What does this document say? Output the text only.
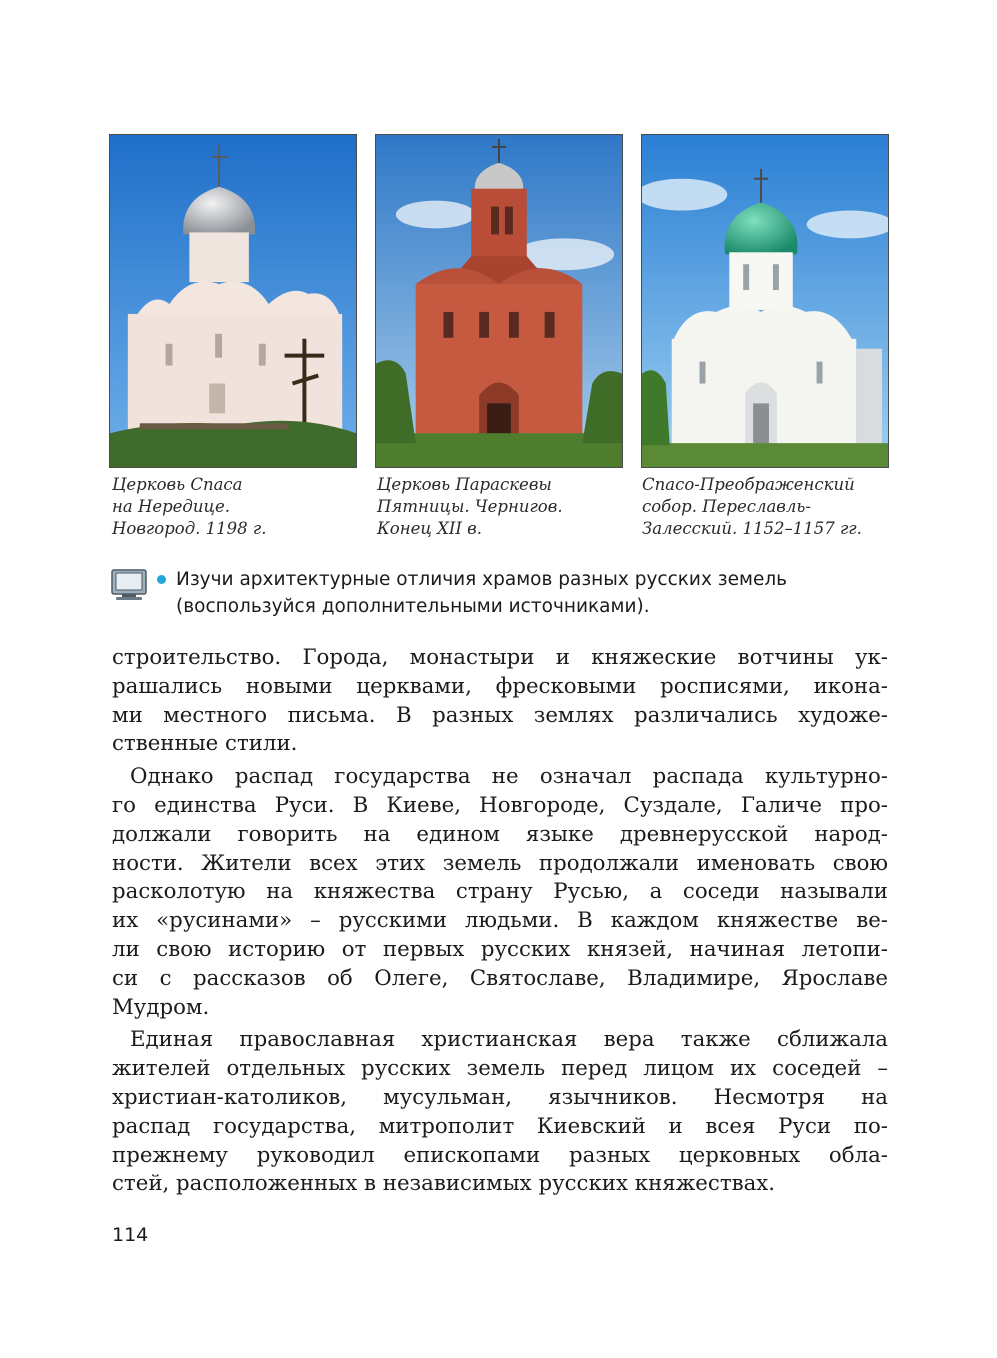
Церковь Спаса
на Нередице.
Новгород. 1198 г.

Церковь Параскевы
Пятницы. Чернигов.
Конец XII в.

Спасо-Преображенский
собор. Переславль-
Залесский. 1152–1157 гг.

Изучи архитектурные отличия храмов разных русских земель
(воспользуйся дополнительными источниками).

строительство. Города, монастыри и княжеские вотчины ук-
рашались новыми церквами, фресковыми росписями, икона-
ми местного письма. В разных землях различались художе-
ственные стили.

Однако распад государства не означал распада культурно-
го единства Руси. В Киеве, Новгороде, Суздале, Галиче про-
должали говорить на едином языке древнерусской народ-
ности. Жители всех этих земель продолжали именовать свою
расколотую на княжества страну Русью, а соседи называли
их «русинами» – русскими людьми. В каждом княжестве ве-
ли свою историю от первых русских князей, начиная летопи-
си с рассказов об Олеге, Святославе, Владимире, Ярославе
Мудром.

Единая православная христианская вера также сближала
жителей отдельных русских земель перед лицом их соседей –
христиан-католиков, мусульман, язычников. Несмотря на
распад государства, митрополит Киевский и всея Руси по-
прежнему руководил епископами разных церковных обла-
стей, расположенных в независимых русских княжествах.

114
